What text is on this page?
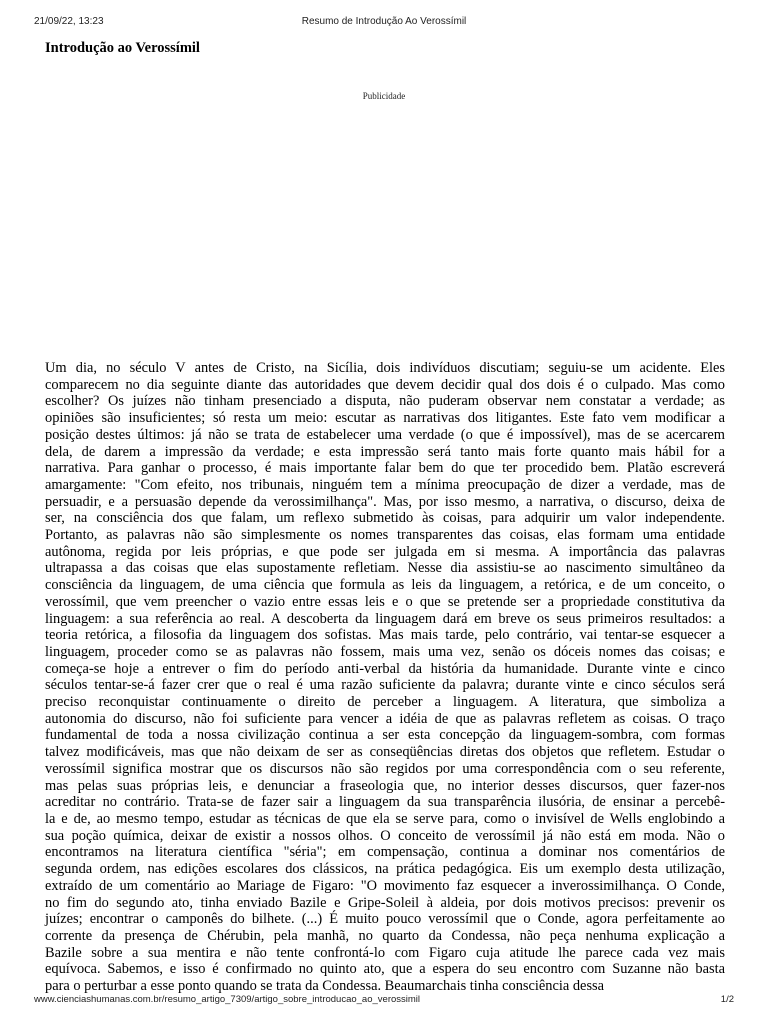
21/09/22, 13:23	Resumo de Introdução Ao Verossímil
Introdução ao Verossímil
Publicidade
Um dia, no século V antes de Cristo, na Sicília, dois indivíduos discutiam; seguiu-se um acidente. Eles
comparecem no dia seguinte diante das autoridades que devem decidir qual dos dois é o culpado. Mas como
escolher? Os juízes não tinham presenciado a disputa, não puderam observar nem constatar a verdade; as
opiniões são insuficientes; só resta um meio: escutar as narrativas dos litigantes. Este fato vem modificar a
posição destes últimos: já não se trata de estabelecer uma verdade (o que é impossível), mas de se acercarem
dela, de darem a impressão da verdade; e esta impressão será tanto mais forte quanto mais hábil for a
narrativa. Para ganhar o processo, é mais importante falar bem do que ter procedido bem. Platão escreverá
amargamente: "Com efeito, nos tribunais, ninguém tem a mínima preocupação de dizer a verdade, mas de
persuadir, e a persuasão depende da verossimilhança". Mas, por isso mesmo, a narrativa, o discurso, deixa de
ser, na consciência dos que falam, um reflexo submetido às coisas, para adquirir um valor independente.
Portanto, as palavras não são simplesmente os nomes transparentes das coisas, elas formam uma entidade
autônoma, regida por leis próprias, e que pode ser julgada em si mesma. A importância das palavras
ultrapassa a das coisas que elas supostamente refletiam. Nesse dia assistiu-se ao nascimento simultâneo da
consciência da linguagem, de uma ciência que formula as leis da linguagem, a retórica, e de um conceito, o
verossímil, que vem preencher o vazio entre essas leis e o que se pretende ser a propriedade constitutiva da
linguagem: a sua referência ao real. A descoberta da linguagem dará em breve os seus primeiros resultados: a
teoria retórica, a filosofia da linguagem dos sofistas. Mas mais tarde, pelo contrário, vai tentar-se esquecer a
linguagem, proceder como se as palavras não fossem, mais uma vez, senão os dóceis nomes das coisas; e
começa-se hoje a entrever o fim do período anti-verbal da história da humanidade. Durante vinte e cinco
séculos tentar-se-á fazer crer que o real é uma razão suficiente da palavra; durante vinte e cinco séculos será
preciso reconquistar continuamente o direito de perceber a linguagem. A literatura, que simboliza a
autonomia do discurso, não foi suficiente para vencer a idéia de que as palavras refletem as coisas. O traço
fundamental de toda a nossa civilização continua a ser esta concepção da linguagem-sombra, com formas
talvez modificáveis, mas que não deixam de ser as conseqüências diretas dos objetos que refletem. Estudar o
verossímil significa mostrar que os discursos não são regidos por uma correspondência com o seu referente,
mas pelas suas próprias leis, e denunciar a fraseologia que, no interior desses discursos, quer fazer-nos
acreditar no contrário. Trata-se de fazer sair a linguagem da sua transparência ilusória, de ensinar a percebê-
la e de, ao mesmo tempo, estudar as técnicas de que ela se serve para, como o invisível de Wells englobindo a
sua poção química, deixar de existir a nossos olhos. O conceito de verossímil já não está em moda. Não o
encontramos na literatura científica "séria"; em compensação, continua a dominar nos comentários de
segunda ordem, nas edições escolares dos clássicos, na prática pedagógica. Eis um exemplo desta utilização,
extraído de um comentário ao Mariage de Figaro: "O movimento faz esquecer a inverossimilhança. O Conde,
no fim do segundo ato, tinha enviado Bazile e Gripe-Soleil à aldeia, por dois motivos precisos: prevenir os
juízes; encontrar o camponês do bilhete. (...) É muito pouco verossímil que o Conde, agora perfeitamente ao
corrente da presença de Chérubin, pela manhã, no quarto da Condessa, não peça nenhuma explicação a
Bazile sobre a sua mentira e não tente confrontá-lo com Figaro cuja atitude lhe parece cada vez mais
equívoca. Sabemos, e isso é confirmado no quinto ato, que a espera do seu encontro com Suzanne não basta
para o perturbar a esse ponto quando se trata da Condessa. Beaumarchais tinha consciência dessa
www.cienciashumanas.com.br/resumo_artigo_7309/artigo_sobre_introducao_ao_verossimil	1/2
